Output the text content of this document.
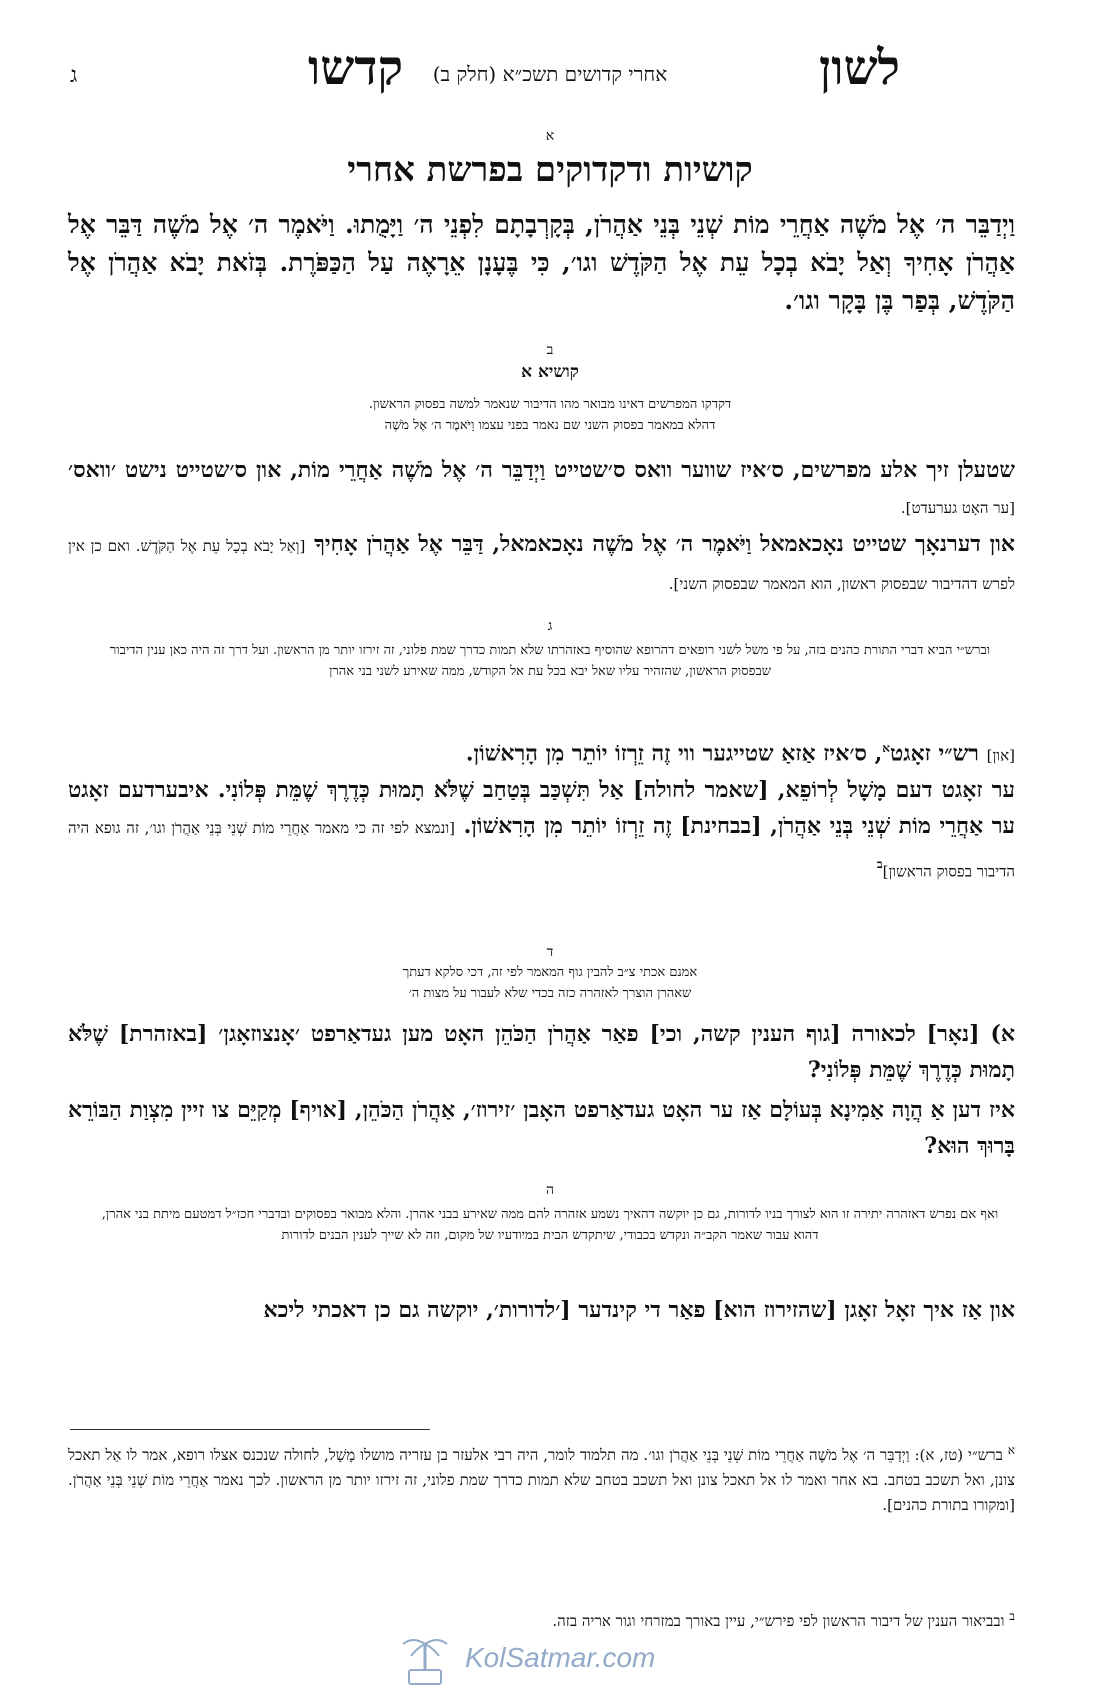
לשון
אחרי קדושים תשכ״א (חלק ב)
קדשו
ג
א
קושיות ודקדוקים בפרשת אחרי
וַיְדַבֵּר ה׳ אֶל מֹשֶׁה אַחֲרֵי מוֹת שְׁנֵי בְּנֵי אַהֲרֹן, בְּקָרְבָתָם לִפְנֵי ה׳ וַיָּמֻתוּ. וַיֹּאמֶר ה׳ אֶל מֹשֶׁה דַּבֵּר אֶל אַהֲרֹן אָחִיךָ וְאַל יָבֹא בְכָל עֵת אֶל הַקֹּדֶשׁ וגו׳, כִּי בֶּעָנָן אֵרָאֶה עַל הַכַּפֹּרֶת. בְּזֹאת יָבֹא אַהֲרֹן אֶל הַקֹּדֶשׁ, בְּפַר בֶּן בָּקָר וגו׳.
ב
קושיא א
דקדקו המפרשים דאינו מבואר מהו הדיבור שנאמר למשה בפסוק הראשון.
דהלא במאמר בפסוק השני שם נאמר בפני עצמו וַיֹּאמֶר ה׳ אֶל מֹשֶׁה
שטעלן זיך אלע מפרשים, ס׳איז שווער וואס ס׳שטייט וַיְדַבֵּר ה׳ אֶל מֹשֶׁה אַחֲרֵי מוֹת, און ס׳שטייט נישט ׳וואס׳ [ער האָט גערעדט].
און דערנאָך שטייט נאָכאמאל וַיֹּאמֶר ה׳ אֶל מֹשֶׁה נאָכאמאל, דַּבֵּר אֶל אַהֲרֹן אָחִיךָ [וְאַל יָבֹא בְכָל עֵת אֶל הַקֹּדֶשׁ. ואם כן אין לפרש דהדיבור שבפסוק ראשון, הוא המאמר שבפסוק השני].
ג
וברש״י הביא דברי התורת כהנים בזה, על פי משל לשני רופאים דהרופא שהוסיף באזהרתו שלא תמות כדרך שמת פלוני, זה זירזו יותר מן הראשון. ועל דרך זה היה כאן ענין הדיבור שבפסוק הראשון, שהזהיר עליו שאל יבא בכל עת אל הקודש, ממה שאירע לשני בני אהרן
[און] רש״י זאָגט$^א$, ס׳איז אַזאַ שטייגער ווי זֶה זֵרְזוֹ יוֹתֵר מִן הָרִאשׁוֹן.
ער זאָגט דעם מָשָׁל לְרוֹפֵא, [שאמר לחולה] אַל תִּשְׁכַּב בְּטַחַב שֶׁלֹּא תָמוּת כְּדֶרֶךְ שֶׁמֵּת פְּלוֹנִי. איבערדעם זאָגט ער אַחֲרֵי מוֹת שְׁנֵי בְּנֵי אַהֲרֹן, [בבחינת] זֶה זֵרְזוֹ יוֹתֵר מִן הָרִאשׁוֹן. [ונמצא לפי זה כי מאמר אַחֲרֵי מוֹת שְׁנֵי בְּנֵי אַהֲרֹן וגו׳, זה גופא היה הדיבור בפסוק הראשון]$^ב$
ד
אמנם אכתי צ״ב להבין גוף המאמר לפי זה, דכי סלקא דעתך
שאהרן הוצרך לאזהרה כזה בכדי שלא לעבור על מצות ה׳
א) [נאָר] לכאורה [גוף הענין קשה, וכי] פאַר אַהֲרֹן הַכֹּהֵן האָט מען געדאַרפט ׳אָנצוזאָגן׳ [באזהרת] שֶׁלֹּא תָמוּת כְּדֶרֶךְ שֶׁמֵּת פְּלוֹנִי?
איז דען אַ הֲוָה אַמִינָא בְּעוֹלָם אַז ער האָט געדאַרפט האָבן ׳זירוז׳, אַהֲרֹן הַכֹּהֵן, [אויף] מְקַיֵּם צו זיין מִצְוַת הַבּוֹרֵא בָּרוּךְ הוּא?
ה
ואף אם נפרש דאזהרה יתירה זו הוא לצורך בניו לדורות, גם כן יוקשה דהאיך נשמע אזהרה להם ממה שאירע בבני אהרן. והלא מבואר בפסוקים ובדברי חכז״ל דמטעם מיתת בני אהרן, דהוא עבור שאמר הקב״ה ונקדש בכבודי, שיתקדש הבית במיודעיו של מקום, וזה לא שייך לענין הבנים לדורות
און אַז איך זאָל זאָגן [שהזירוז הוא] פאַר די קינדער [׳לדורות׳, יוקשה גם כן דאכתי ליכא
$^א$ ברש״י (טז, א): וַיְדַבֵּר ה׳ אֶל מֹשֶׁה אַחֲרֵי מוֹת שְׁנֵי בְּנֵי אַהֲרֹן וגו׳. מה תלמוד לומר, היה רבי אלעזר בן עזריה מושלו מָשָׁל, לחולה שנכנס אצלו רופא, אמר לו אַל תאכל צונן, ואל תשכב בטחב. בא אחר ואמר לו אל תאכל צונן ואל תשכב בטחב שלא תמות כדרך שמת פלוני, זה זירזו יותר מן הראשון. לכך נאמר אַחֲרֵי מוֹת שְׁנֵי בְּנֵי אַהֲרֹן. [ומקורו בתורת כהנים].
$^ב$ ובביאור הענין של דיבור הראשון לפי פירש״י, עיין באורך במזרחי וגור אריה בזה.
KolSatmar.com
